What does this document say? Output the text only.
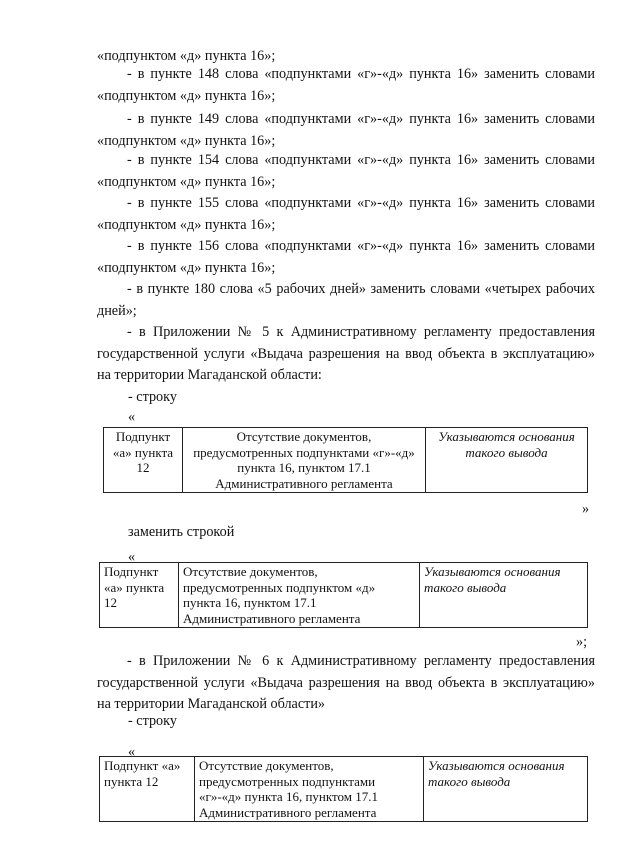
«подпунктом «д» пункта 16»;

- в пункте 148 слова «подпунктами «г»-«д» пункта 16» заменить словами «подпунктом «д» пункта 16»;

- в пункте 149 слова «подпунктами «г»-«д» пункта 16» заменить словами «подпунктом «д» пункта 16»;

- в пункте 154 слова «подпунктами «г»-«д» пункта 16» заменить словами «подпунктом «д» пункта 16»;

- в пункте 155 слова «подпунктами «г»-«д» пункта 16» заменить словами «подпунктом «д» пункта 16»;

- в пункте 156 слова «подпунктами «г»-«д» пункта 16» заменить словами «подпунктом «д» пункта 16»;

- в пункте 180 слова «5 рабочих дней» заменить словами «четырех рабочих дней»;

- в Приложении № 5 к Административному регламенту предоставления государственной услуги «Выдача разрешения на ввод объекта в эксплуатацию» на территории Магаданской области:

- строку

«

Подпункт «а» пункта 12	Отсутствие документов, предусмотренных подпунктами «г»-«д» пункта 16, пунктом 17.1 Административного регламента	Указываются основания такого вывода

»

заменить строкой

«

Подпункт «а» пункта 12	Отсутствие документов, предусмотренных подпунктом «д» пункта 16, пунктом 17.1 Административного регламента	Указываются основания такого вывода

»;

- в Приложении № 6 к Административному регламенту предоставления государственной услуги «Выдача разрешения на ввод объекта в эксплуатацию» на территории Магаданской области»

- строку

«

Подпункт «а» пункта 12	Отсутствие документов, предусмотренных подпунктами «г»-«д» пункта 16, пунктом 17.1 Административного регламента	Указываются основания такого вывода
